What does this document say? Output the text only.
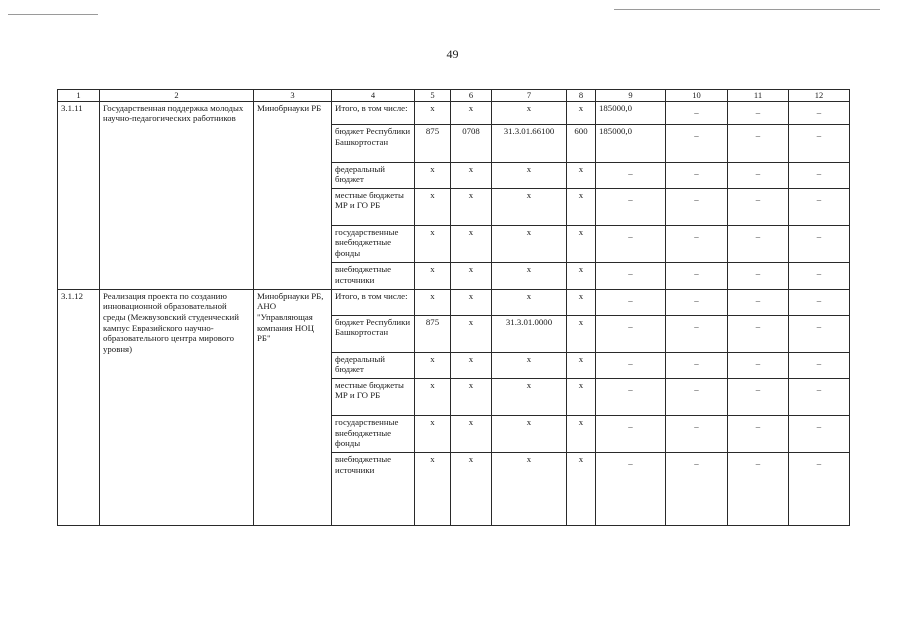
49
1	2	3	4	5	6	7	8	9	10	11	12
3.1.11	Государственная поддержка молодых научно-педагогических работников	Минобрнауки РБ	Итого, в том числе:	x	x	x	x	185000,0	–	–	–
			бюджет Республики Башкортостан	875	0708	31.3.01.66100	600	185000,0	–	–	–
			федеральный бюджет	x	x	x	x	–	–	–	–
			местные бюджеты МР и ГО РБ	x	x	x	x	–	–	–	–
			государственные внебюджетные фонды	x	x	x	x	–	–	–	–
			внебюджетные источники	x	x	x	x	–	–	–	–
3.1.12	Реализация проекта по созданию инновационной образовательной среды (Межвузовский студенческий кампус Евразийского научно-образовательного центра мирового уровня)	Минобрнауки РБ, АНО "Управляющая компания НОЦ РБ"	Итого, в том числе:	x	x	x	x	–	–	–	–
			бюджет Республики Башкортостан	875	x	31.3.01.0000	x	–	–	–	–
			федеральный бюджет	x	x	x	x	–	–	–	–
			местные бюджеты МР и ГО РБ	x	x	x	x	–	–	–	–
			государственные внебюджетные фонды	x	x	x	x	–	–	–	–
			внебюджетные источники	x	x	x	x	–	–	–	–
